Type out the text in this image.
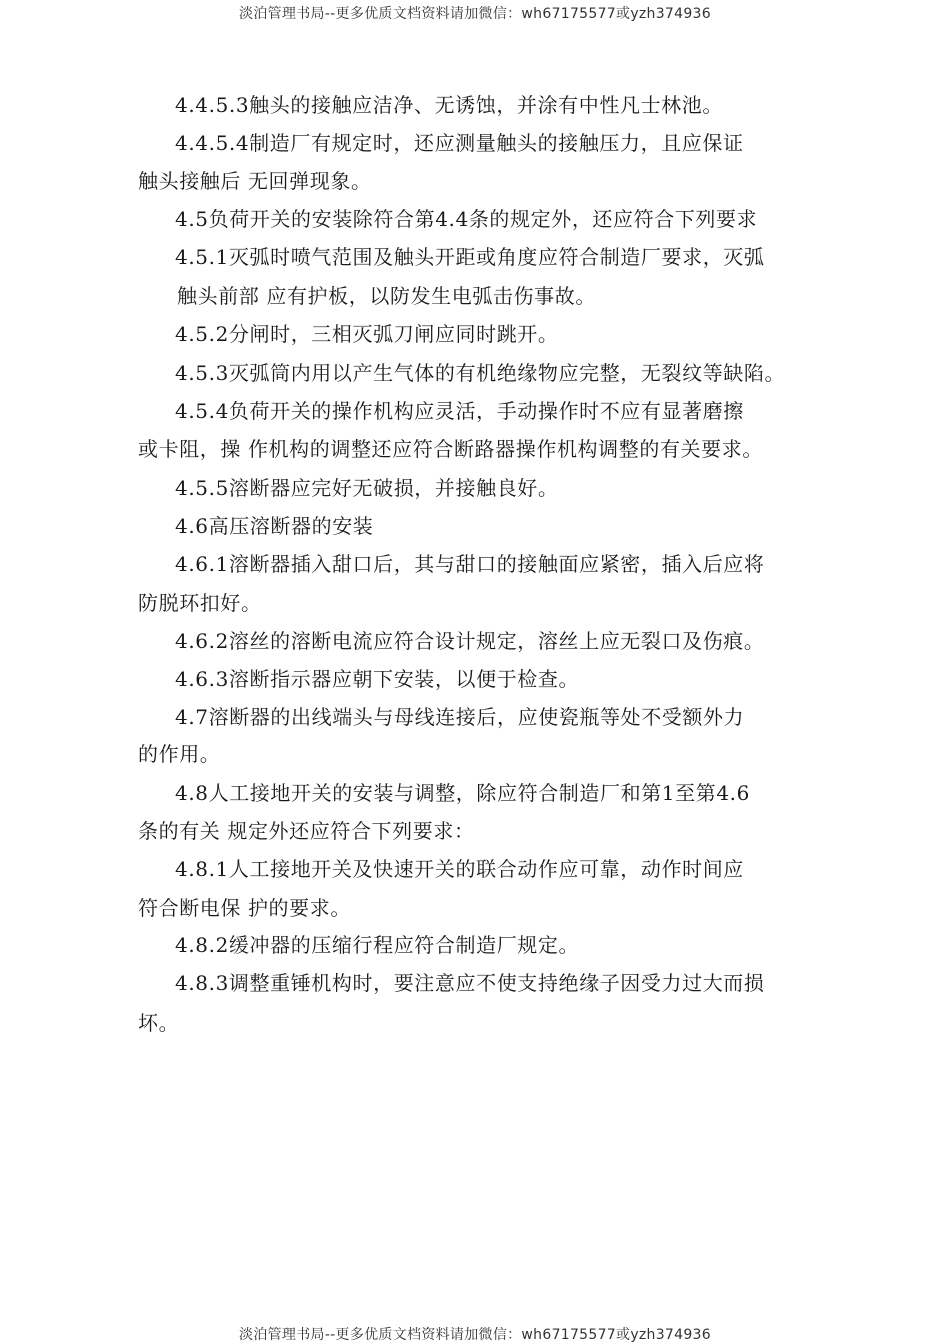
淡泊管理书局--更多优质文档资料请加微信：wh67175577或yzh374936
4.4.5.3触头的接触应洁净、无诱蚀，并涂有中性凡士林池。
4.4.5.4制造厂有规定时，还应测量触头的接触压力，且应保证
触头接触后 无回弹现象。
4.5负荷开关的安装除符合第4.4条的规定外，还应符合下列要求
4.5.1灭弧时喷气范围及触头开距或角度应符合制造厂要求，灭弧
触头前部 应有护板，以防发生电弧击伤事故。
4.5.2分闸时，三相灭弧刀闸应同时跳开。
4.5.3灭弧筒内用以产生气体的有机绝缘物应完整，无裂纹等缺陷。
4.5.4负荷开关的操作机构应灵活，手动操作时不应有显著磨擦
或卡阻，操 作机构的调整还应符合断路器操作机构调整的有关要求。
4.5.5溶断器应完好无破损，并接触良好。
4.6高压溶断器的安装
4.6.1溶断器插入甜口后，其与甜口的接触面应紧密，插入后应将
防脱环扣好。
4.6.2溶丝的溶断电流应符合设计规定，溶丝上应无裂口及伤痕。
4.6.3溶断指示器应朝下安装，以便于检查。
4.7溶断器的出线端头与母线连接后，应使瓷瓶等处不受额外力
的作用。
4.8人工接地开关的安装与调整，除应符合制造厂和第1至第4.6
条的有关 规定外还应符合下列要求：
4.8.1人工接地开关及快速开关的联合动作应可靠，动作时间应
符合断电保 护的要求。
4.8.2缓冲器的压缩行程应符合制造厂规定。
4.8.3调整重锤机构时，要注意应不使支持绝缘子因受力过大而损
坏。
淡泊管理书局--更多优质文档资料请加微信：wh67175577或yzh374936
